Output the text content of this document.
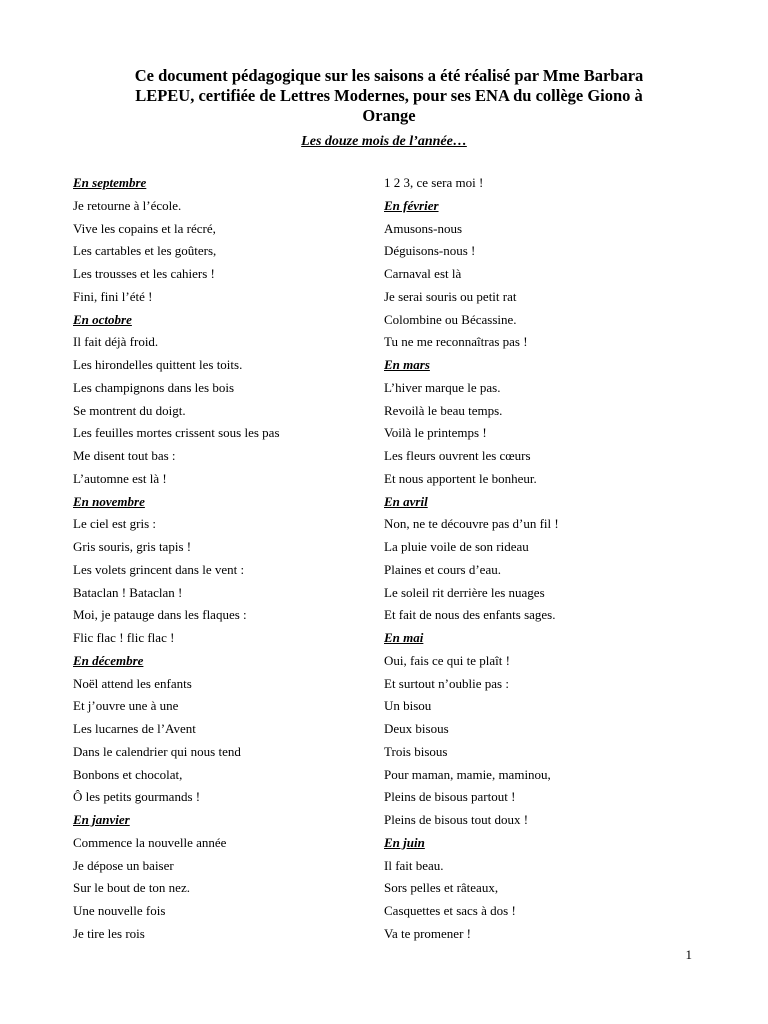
Ce document pédagogique sur les saisons a été réalisé par Mme Barbara
LEPEU, certifiée de Lettres Modernes, pour ses ENA du collège Giono à
Orange
Les douze mois de l’année…
En septembre
Je retourne à l’école.
Vive les copains et la récré,
Les cartables et les goûters,
Les trousses et les cahiers !
Fini, fini l’été !
En octobre
Il fait déjà froid.
Les hirondelles quittent les toits.
Les champignons dans les bois
Se montrent du doigt.
Les feuilles mortes crissent sous les pas
Me disent tout bas :
L’automne est là !
En novembre
Le ciel est gris :
Gris souris, gris tapis !
Les volets grincent dans le vent :
Bataclan ! Bataclan !
Moi, je patauge dans les flaques :
Flic flac ! flic flac !
En décembre
Noël attend les enfants
Et j’ouvre une à une
Les lucarnes de l’Avent
Dans le calendrier qui nous tend
Bonbons et chocolat,
Ô les petits gourmands !
En janvier
Commence la nouvelle année
Je dépose un baiser
Sur le bout de ton nez.
Une nouvelle fois
Je tire les rois
1 2 3, ce sera moi !
En février
Amusons-nous
Déguisons-nous !
Carnaval est là
Je serai souris ou petit rat
Colombine ou Bécassine.
Tu ne me reconnaîtras pas !
En mars
L’hiver marque le pas.
Revoilà le beau temps.
Voilà le printemps !
Les fleurs ouvrent les cœurs
Et nous apportent le bonheur.
En avril
Non, ne te découvre pas d’un fil !
La pluie voile de son rideau
Plaines et cours d’eau.
Le soleil rit derrière les nuages
Et fait de nous des enfants sages.
En mai
Oui, fais ce qui te plaît !
Et surtout n’oublie pas :
Un bisou
Deux bisous
Trois bisous
Pour maman, mamie, maminou,
Pleins de bisous partout !
Pleins de bisous tout doux !
En juin
Il fait beau.
Sors pelles et râteaux,
Casquettes et sacs à dos !
Va te promener !
1
